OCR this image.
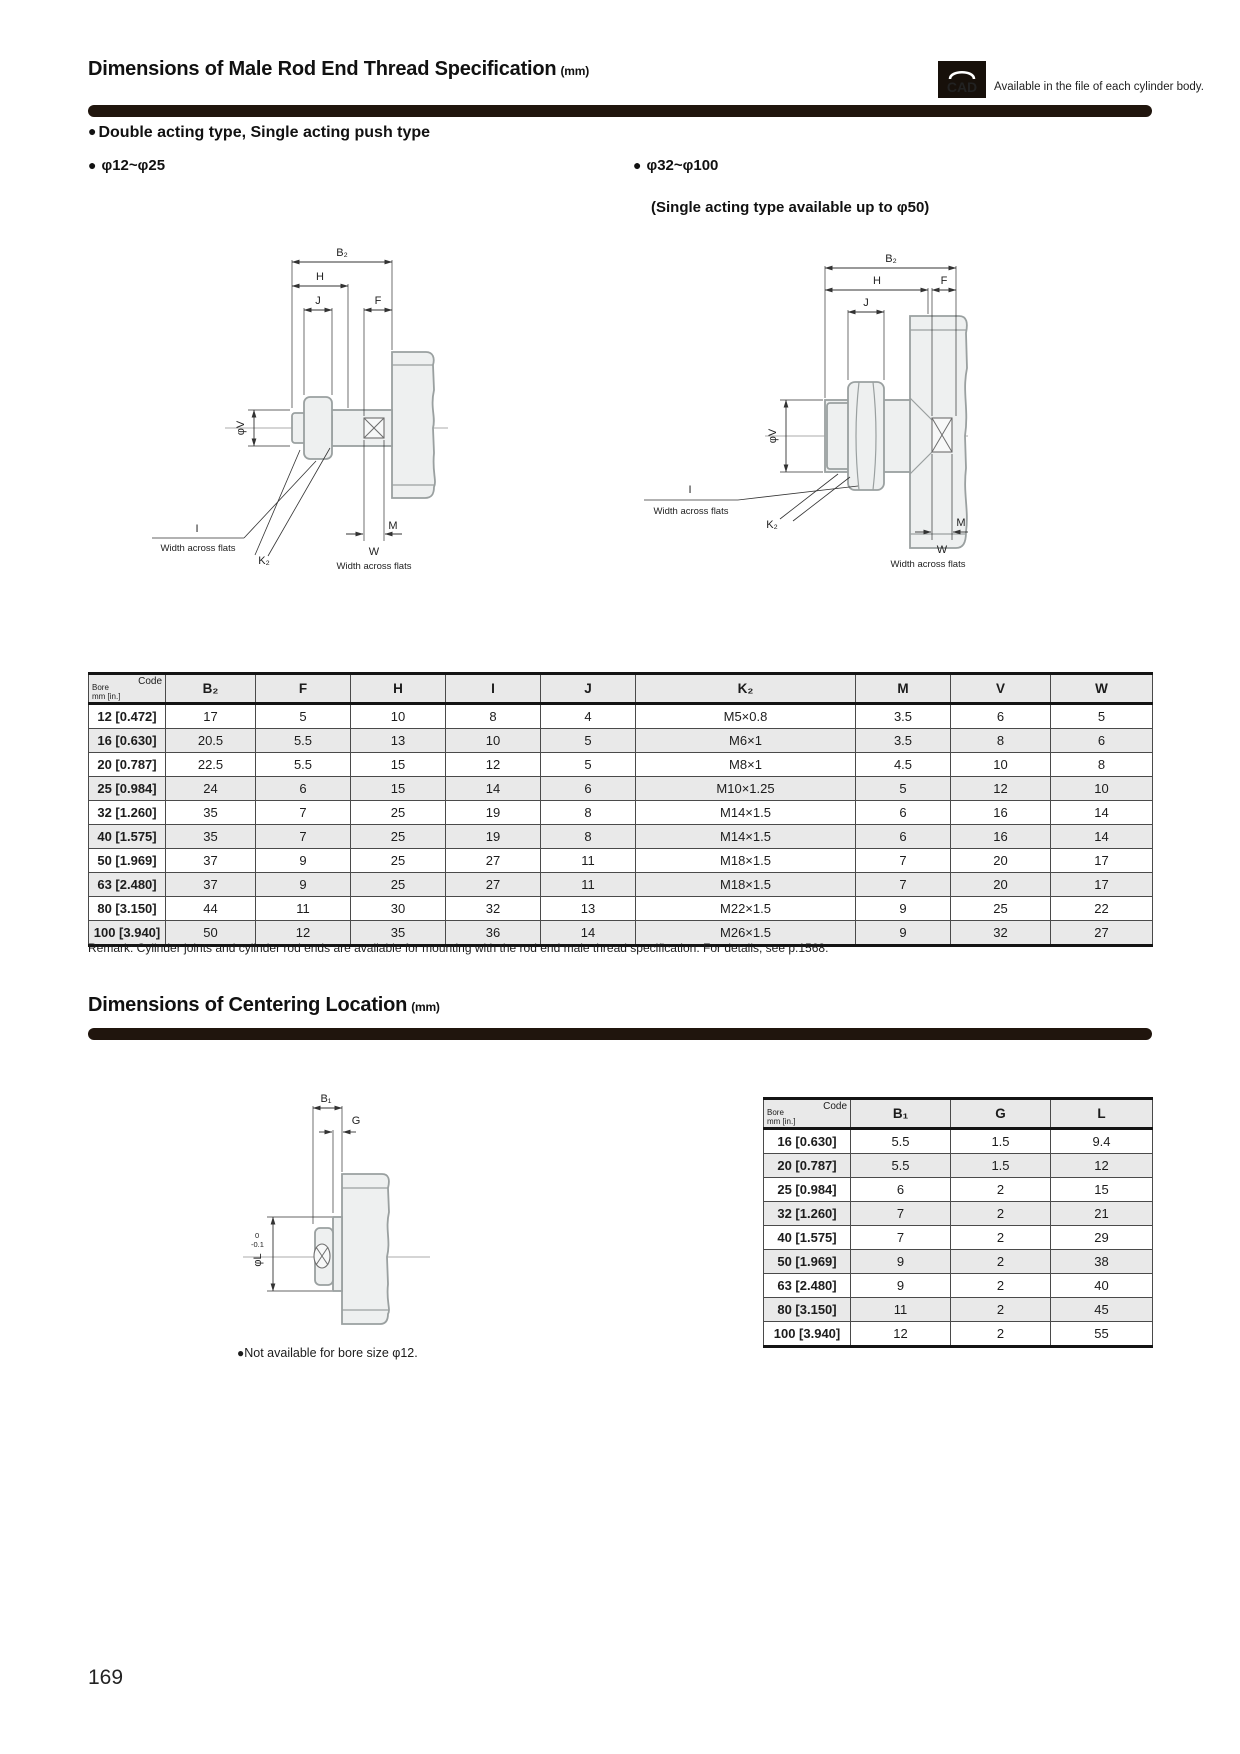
Dimensions of Male Rod End Thread Specification (mm)
CAD Available in the file of each cylinder body.
● Double acting type, Single acting push type
● φ12~φ25	● φ32~φ100
(Single acting type available up to φ50)
B₂
H
J	F
φV
I
Width across flats
K₂
M
W
Width across flats
B₂
H	F
J
φV
I
Width across flats
K₂	M
W
Width across flats
Code
Bore
mm [in.]	B₂	F	H	I	J	K₂	M	V	W
12 [0.472]	17	5	10	8	4	M5×0.8	3.5	6	5
16 [0.630]	20.5	5.5	13	10	5	M6×1	3.5	8	6
20 [0.787]	22.5	5.5	15	12	5	M8×1	4.5	10	8
25 [0.984]	24	6	15	14	6	M10×1.25	5	12	10
32 [1.260]	35	7	25	19	8	M14×1.5	6	16	14
40 [1.575]	35	7	25	19	8	M14×1.5	6	16	14
50 [1.969]	37	9	25	27	11	M18×1.5	7	20	17
63 [2.480]	37	9	25	27	11	M18×1.5	7	20	17
80 [3.150]	44	11	30	32	13	M22×1.5	9	25	22
100 [3.940]	50	12	35	36	14	M26×1.5	9	32	27
Remark: Cylinder joints and cylinder rod ends are available for mounting with the rod end male thread specification. For details, see p.1568.
Dimensions of Centering Location (mm)
B₁
G
φL
0
-0.1
●Not available for bore size φ12.
Code
Bore
mm [in.]	B₁	G	L
16 [0.630]	5.5	1.5	9.4
20 [0.787]	5.5	1.5	12
25 [0.984]	6	2	15
32 [1.260]	7	2	21
40 [1.575]	7	2	29
50 [1.969]	9	2	38
63 [2.480]	9	2	40
80 [3.150]	11	2	45
100 [3.940]	12	2	55
169
